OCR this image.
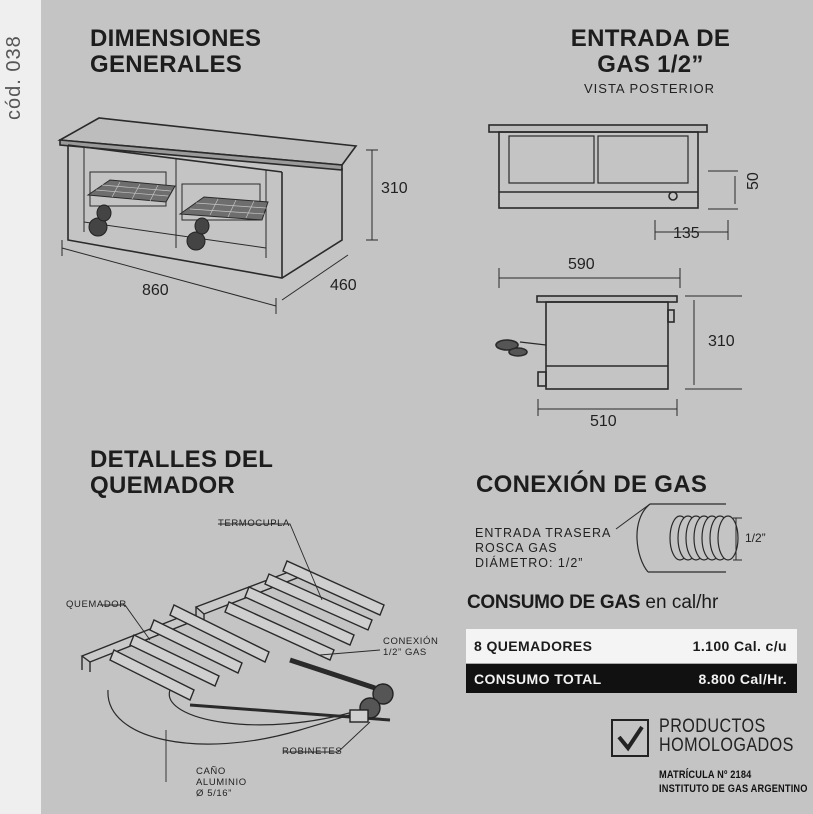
cód. 038	DIMENSIONES
GENERALES
ENTRADA DE
GAS 1/2”
VISTA POSTERIOR
DETALLES DEL
QUEMADOR	CONEXIÓN DE GAS
310
860	460
50
135
590
310
510
TERMOCUPLA
QUEMADOR
CONEXIÓN
1/2” GAS
ROBINETES
CAÑO
ALUMINIO
Ø 5/16”
ENTRADA TRASERA
ROSCA GAS
DIÁMETRO: 1/2”
1/2”
CONSUMO DE GAS en cal/hr
8 QUEMADORES	1.100 Cal. c/u
CONSUMO TOTAL	8.800 Cal/Hr.
PRODUCTOS
HOMOLOGADOS
MATRÍCULA Nº 2184
INSTITUTO DE GAS ARGENTINO
